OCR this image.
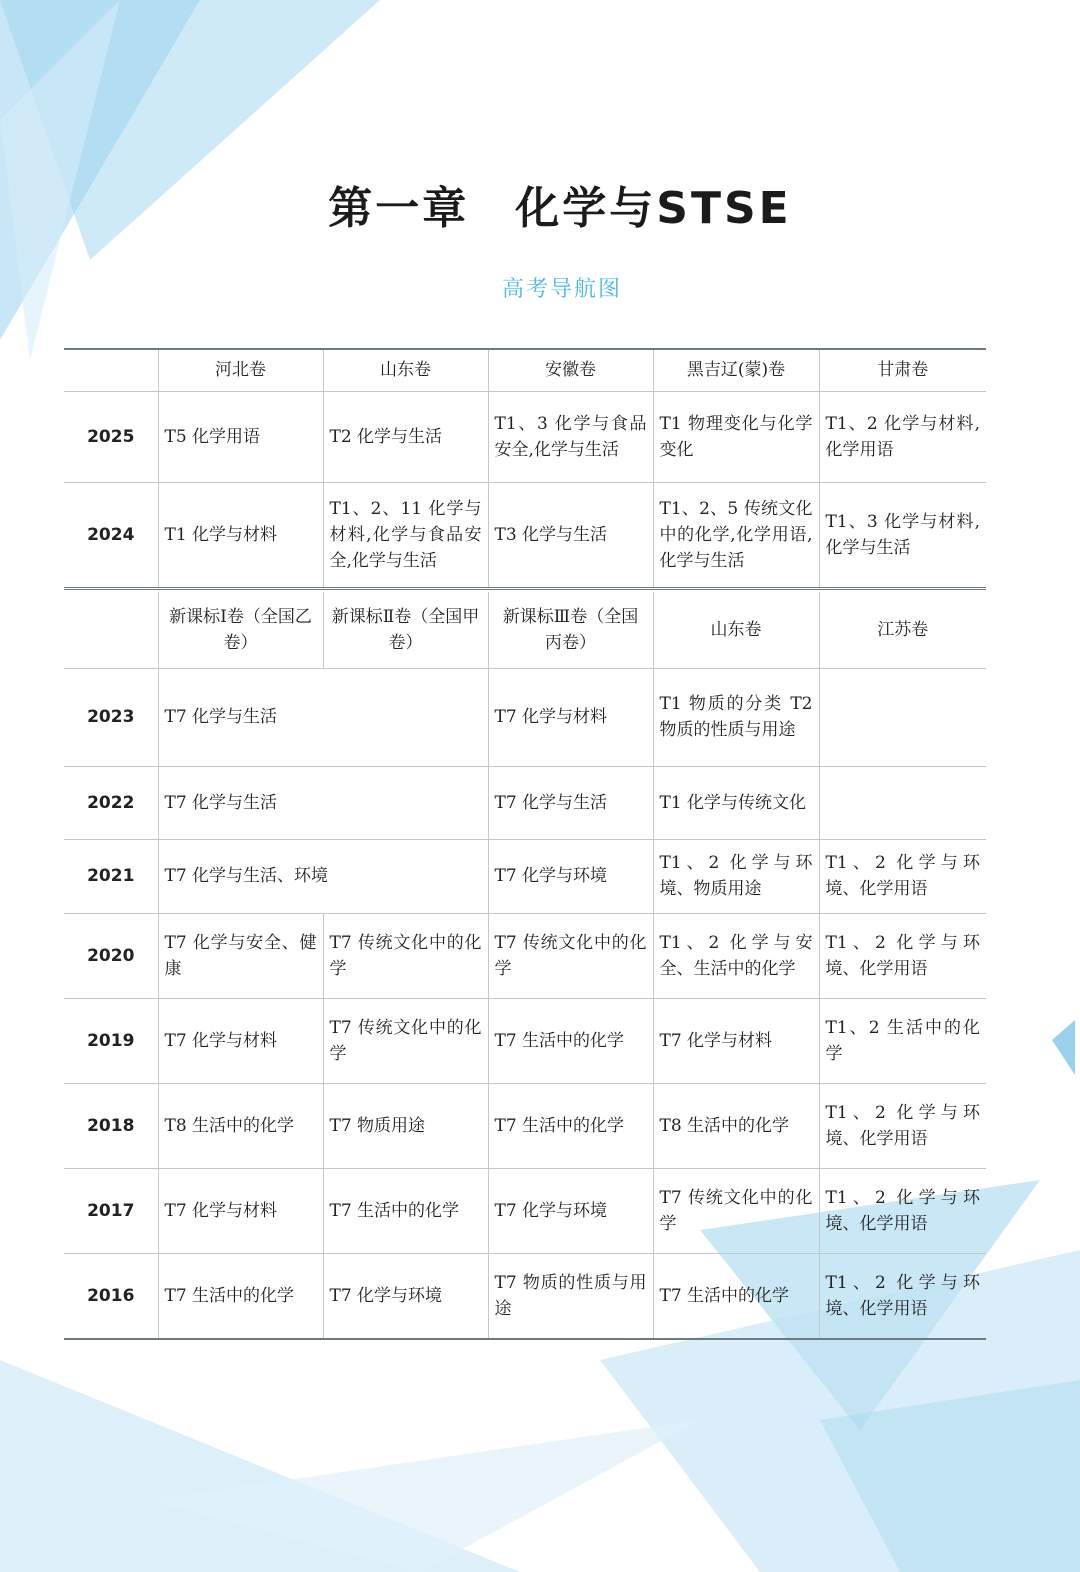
第一章 化学与STSE
高考导航图
	河北卷	山东卷	安徽卷	黑吉辽(蒙)卷	甘肃卷
2025	T5 化学用语	T2 化学与生活	T1、3 化学与食品安全,化学与生活	T1 物理变化与化学变化	T1、2 化学与材料,化学用语
2024	T1 化学与材料	T1、2、11 化学与材料,化学与食品安全,化学与生活	T3 化学与生活	T1、2、5 传统文化中的化学,化学用语,化学与生活	T1、3 化学与材料,化学与生活
	新课标Ⅰ卷（全国乙卷）	新课标Ⅱ卷（全国甲卷）	新课标Ⅲ卷（全国丙卷）	山东卷	江苏卷
2023	T7 化学与生活		T7 化学与材料	T1 物质的分类 T2 物质的性质与用途	
2022	T7 化学与生活		T7 化学与生活	T1 化学与传统文化	
2021	T7 化学与生活、环境		T7 化学与环境	T1、2 化学与环境、物质用途	T1、2 化学与环境、化学用语
2020	T7 化学与安全、健康	T7 传统文化中的化学	T7 传统文化中的化学	T1、2 化学与安全、生活中的化学	T1、2 化学与环境、化学用语
2019	T7 化学与材料	T7 传统文化中的化学	T7 生活中的化学	T7 化学与材料	T1、2 生活中的化学
2018	T8 生活中的化学	T7 物质用途	T7 生活中的化学	T8 生活中的化学	T1、2 化学与环境、化学用语
2017	T7 化学与材料	T7 生活中的化学	T7 化学与环境	T7 传统文化中的化学	T1、2 化学与环境、化学用语
2016	T7 生活中的化学	T7 化学与环境	T7 物质的性质与用途	T7 生活中的化学	T1、2 化学与环境、化学用语
